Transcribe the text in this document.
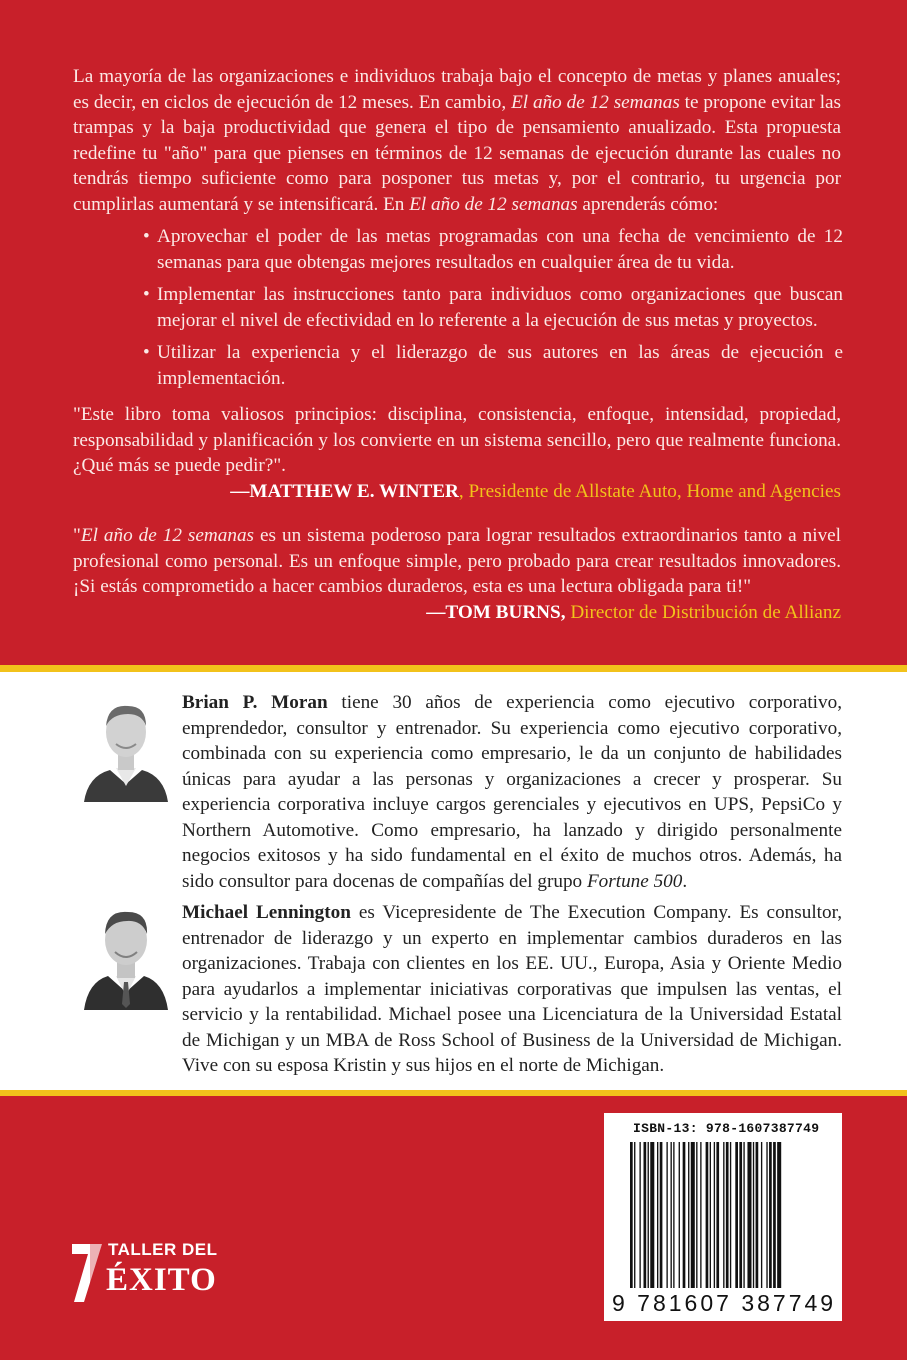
La mayoría de las organizaciones e individuos trabaja bajo el concepto de metas y planes anuales; es decir, en ciclos de ejecución de 12 meses. En cambio, El año de 12 semanas te propone evitar las trampas y la baja productividad que genera el tipo de pensamiento anualizado. Esta propuesta redefine tu "año" para que pienses en términos de 12 semanas de ejecución durante las cuales no tendrás tiempo suficiente como para posponer tus metas y, por el contrario, tu urgencia por cumplirlas aumentará y se intensificará. En El año de 12 semanas aprenderás cómo:
• Aprovechar el poder de las metas programadas con una fecha de vencimiento de 12 semanas para que obtengas mejores resultados en cualquier área de tu vida.
• Implementar las instrucciones tanto para individuos como organizaciones que buscan mejorar el nivel de efectividad en lo referente a la ejecución de sus metas y proyectos.
• Utilizar la experiencia y el liderazgo de sus autores en las áreas de ejecución e implementación.
"Este libro toma valiosos principios: disciplina, consistencia, enfoque, intensidad, propiedad, responsabilidad y planificación y los convierte en un sistema sencillo, pero que realmente funciona. ¿Qué más se puede pedir?".
—MATTHEW E. WINTER, Presidente de Allstate Auto, Home and Agencies
"El año de 12 semanas es un sistema poderoso para lograr resultados extraordinarios tanto a nivel profesional como personal. Es un enfoque simple, pero probado para crear resultados innovadores. ¡Si estás comprometido a hacer cambios duraderos, esta es una lectura obligada para ti!"
—TOM BURNS, Director de Distribución de Allianz
Brian P. Moran tiene 30 años de experiencia como ejecutivo corporativo, emprendedor, consultor y entrenador. Su experiencia como ejecutivo corporativo, combinada con su experiencia como empresario, le da un conjunto de habilidades únicas para ayudar a las personas y organizaciones a crecer y prosperar. Su experiencia corporativa incluye cargos gerenciales y ejecutivos en UPS, PepsiCo y Northern Automotive. Como empresario, ha lanzado y dirigido personalmente negocios exitosos y ha sido fundamental en el éxito de muchos otros. Además, ha sido consultor para docenas de compañías del grupo Fortune 500.
Michael Lennington es Vicepresidente de The Execution Company. Es consultor, entrenador de liderazgo y un experto en implementar cambios duraderos en las organizaciones. Trabaja con clientes en los EE. UU., Europa, Asia y Oriente Medio para ayudarlos a implementar iniciativas corporativas que impulsen las ventas, el servicio y la rentabilidad. Michael posee una Licenciatura de la Universidad Estatal de Michigan y un MBA de Ross School of Business de la Universidad de Michigan. Vive con su esposa Kristin y sus hijos en el norte de Michigan.
TALLER DEL
ÉXITO
ISBN-13: 978-1607387749
9 781607 387749
